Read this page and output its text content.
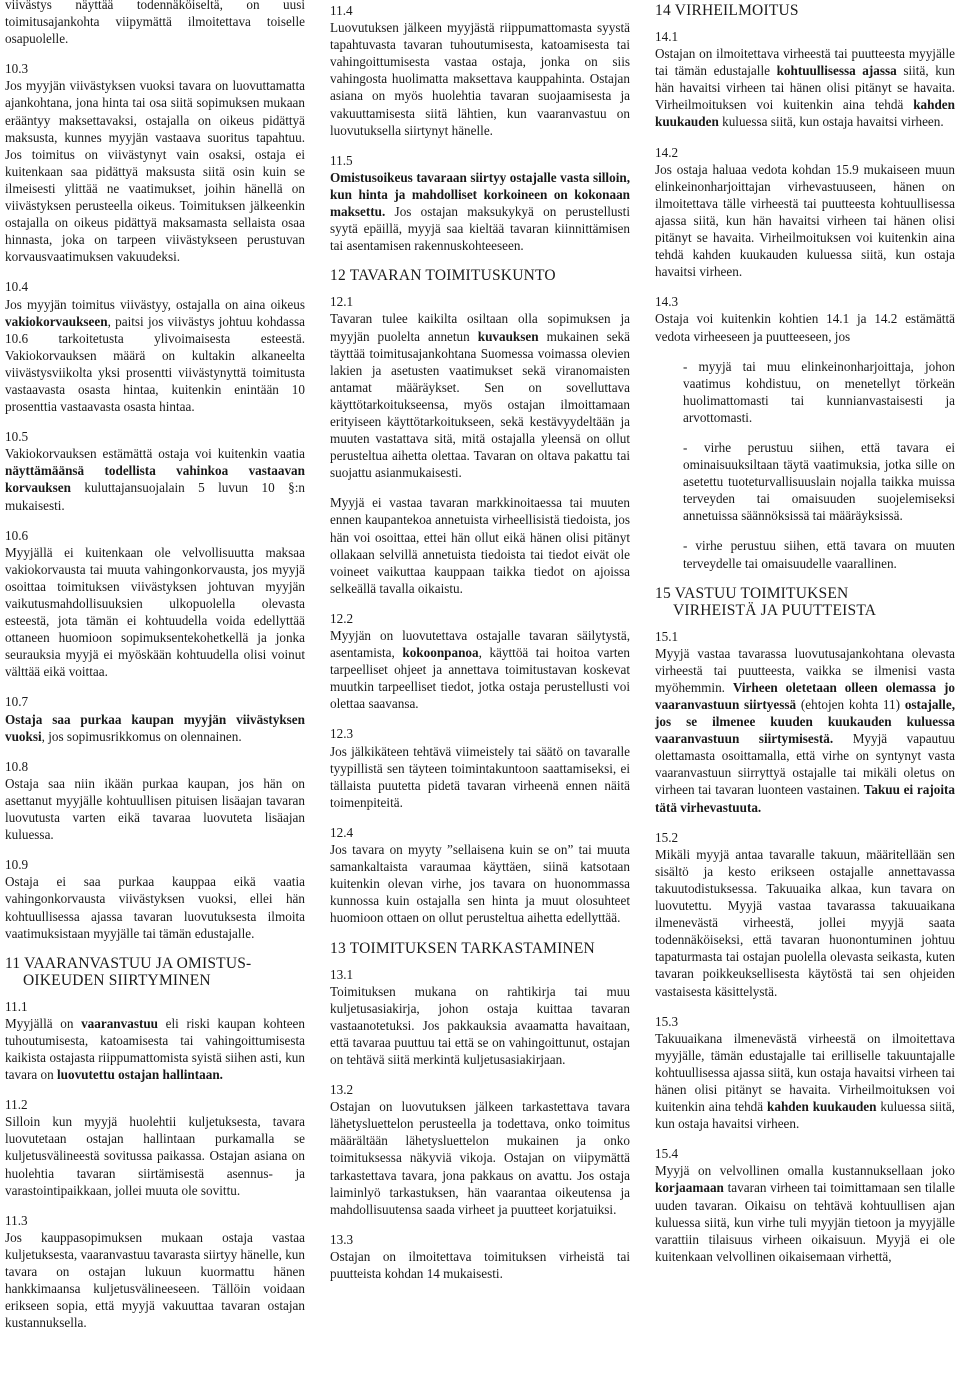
viivästys näyttää todennäköiseltä, on uusi toimitusajankohta viipymättä ilmoitettava toiselle osapuolelle.

10.3
Jos myyjän viivästyksen vuoksi tavara on luovuttamatta ajankohtana, jona hinta tai osa siitä sopimuksen mukaan erääntyy maksettavaksi, ostajalla on oikeus pidättyä maksusta, kunnes myyjän vastaava suoritus tapahtuu. Jos toimitus on viivästynyt vain osaksi, ostaja ei kuitenkaan saa pidättyä maksusta siitä osin kuin se ilmeisesti ylittää ne vaatimukset, joihin hänellä on viivästyksen perusteella oikeus. Toimituksen jälkeenkin ostajalla on oikeus pidättyä maksamasta sellaista osaa hinnasta, joka on tarpeen viivästykseen perustuvan korvausvaatimuksen vakuudeksi.
10.4
Jos myyjän toimitus viivästyy, ostajalla on aina oikeus vakiokorvaukseen, paitsi jos viivästys johtuu kohdassa 10.6 tarkoitetusta ylivoimaisesta esteestä. Vakiokorvauksen määrä on kultakin alkaneelta viivästysviikolta yksi prosentti viivästynyttä toimitusta vastaavasta osasta hintaa, kuitenkin enintään 10 prosenttia vastaavasta osasta hintaa.
10.5
Vakiokorvauksen estämättä ostaja voi kuitenkin vaatia näyttämäänsä todellista vahinkoa vastaavan korvauksen kuluttajansuojalain 5 luvun 10 §:n mukaisesti.
10.6
Myyjällä ei kuitenkaan ole velvollisuutta maksaa vakiokorvausta tai muuta vahingonkorvausta, jos myyjä osoittaa toimituksen viivästyksen johtuvan myyjän vaikutusmahdollisuuksien ulkopuolella olevasta esteestä, jota tämän ei kohtuudella voida edellyttää ottaneen huomioon sopimuksentekohetkellä ja jonka seurauksia myyjä ei myöskään kohtuudella olisi voinut välttää eikä voittaa.
10.7
Ostaja saa purkaa kaupan myyjän viivästyksen vuoksi, jos sopimusrikkomus on olennainen.
10.8
Ostaja saa niin ikään purkaa kaupan, jos hän on asettanut myyjälle kohtuullisen pituisen lisäajan tavaran luovutusta varten eikä tavaraa luovuteta lisäajan kuluessa.
10.9
Ostaja ei saa purkaa kauppaa eikä vaatia vahingonkorvausta viivästyksen vuoksi, ellei hän kohtuullisessa ajassa tavaran luovutuksesta ilmoita vaatimuksistaan myyjälle tai tämän edustajalle.
11 VAARANVASTUU JA OMISTUS-
OIKEUDEN SIIRTYMINEN
11.1
Myyjällä on vaaranvastuu eli riski kaupan kohteen tuhoutumisesta, katoamisesta tai vahingoittumisesta kaikista ostajasta riippumattomista syistä siihen asti, kun tavara on luovutettu ostajan hallintaan.
11.2
Silloin kun myyjä huolehtii kuljetuksesta, tavara luovutetaan ostajan hallintaan purkamalla se kuljetusvälineestä sovitussa paikassa. Ostajan asiana on huolehtia tavaran siirtämisestä asennus- ja varastointipaikkaan, jollei muuta ole sovittu.
11.3
Jos kauppasopimuksen mukaan ostaja vastaa kuljetuksesta, vaaranvastuu tavarasta siirtyy hänelle, kun tavara on ostajan lukuun kuormattu hänen hankkimaansa kuljetusvälineeseen. Tällöin voidaan erikseen sopia, että myyjä vakuuttaa tavaran ostajan kustannuksella.
11.4
Luovutuksen jälkeen myyjästä riippumattomasta syystä tapahtuvasta tavaran tuhoutumisesta, katoamisesta tai vahingoittumisesta vastaa ostaja, jonka on siis vahingosta huolimatta maksettava kauppahinta. Ostajan asiana on myös huolehtia tavaran suojaamisesta ja vakuuttamisesta siitä lähtien, kun vaaranvastuu on luovutuksella siirtynyt hänelle.
11.5
Omistusoikeus tavaraan siirtyy ostajalle vasta silloin, kun hinta ja mahdolliset korkoineen on kokonaan maksettu. Jos ostajan maksukykyä on perustellusti syytä epäillä, myyjä saa kieltää tavaran kiinnittämisen tai asentamisen rakennuskohteeseen.
12 TAVARAN TOIMITUSKUNTO
12.1
Tavaran tulee kaikilta osiltaan olla sopimuksen ja myyjän puolelta annetun kuvauksen mukainen sekä täyttää toimitusajankohtana Suomessa voimassa olevien lakien ja asetusten vaatimukset sekä viranomaisten antamat määräykset. Sen on sovelluttava käyttötarkoitukseensa, myös ostajan ilmoittamaan erityiseen käyttötarkoitukseen, sekä kestävyydeltään ja muuten vastattava sitä, mitä ostajalla yleensä on ollut perusteltua aihetta olettaa. Tavaran on oltava pakattu tai suojattu asianmukaisesti.

Myyjä ei vastaa tavaran markkinoitaessa tai muuten ennen kaupantekoa annetuista virheellisistä tiedoista, jos hän voi osoittaa, ettei hän ollut eikä hänen olisi pitänyt ollakaan selvillä annetuista tiedoista tai tiedot eivät ole voineet vaikuttaa kauppaan taikka tiedot on ajoissa selkeällä tavalla oikaistu.

12.2
Myyjän on luovutettava ostajalle tavaran säilytystä, asentamista, kokoonpanoa, käyttöä tai hoitoa varten tarpeelliset ohjeet ja annettava toimitustavan koskevat muutkin tarpeelliset tiedot, jotka ostaja perustellusti voi olettaa saavansa.
12.3
Jos jälkikäteen tehtävä viimeistely tai säätö on tavaralle tyypillistä sen täyteen toimintakuntoon saattamiseksi, ei tällaista puutetta pidetä tavaran virheenä ennen näitä toimenpiteitä.
12.4
Jos tavara on myyty ”sellaisena kuin se on” tai muuta samankaltaista varaumaa käyttäen, siinä katsotaan kuitenkin olevan virhe, jos tavara on huonommassa kunnossa kuin ostajalla sen hinta ja muut olosuhteet huomioon ottaen on ollut perusteltua aihetta edellyttää.
13 TOIMITUKSEN TARKASTAMINEN
13.1
Toimituksen mukana on rahtikirja tai muu kuljetusasiakirja, johon ostaja kuittaa tavaran vastaanotetuksi. Jos pakkauksia avaamatta havaitaan, että tavaraa puuttuu tai että se on vahingoittunut, ostajan on tehtävä siitä merkintä kuljetusasiakirjaan.
13.2
Ostajan on luovutuksen jälkeen tarkastettava tavara lähetysluettelon perusteella ja todettava, onko toimitus määrältään lähetysluettelon mukainen ja onko toimituksessa näkyviä vikoja. Ostajan on viipymättä tarkastettava tavara, jona pakkaus on avattu. Jos ostaja laiminlyö tarkastuksen, hän vaarantaa oikeutensa ja mahdollisuutensa saada virheet ja puutteet korjatuiksi.
13.3
Ostajan on ilmoitettava toimituksen virheistä tai puutteista kohdan 14 mukaisesti.
14 VIRHEILMOITUS
14.1
Ostajan on ilmoitettava virheestä tai puutteesta myyjälle tai tämän edustajalle kohtuullisessa ajassa siitä, kun hän havaitsi virheen tai hänen olisi pitänyt se havaita. Virheilmoituksen voi kuitenkin aina tehdä kahden kuukauden kuluessa siitä, kun ostaja havaitsi virheen.
14.2
Jos ostaja haluaa vedota kohdan 15.9 mukaiseen muun elinkeinonharjoittajan virhevastuuseen, hänen on ilmoitettava tälle virheestä tai puutteesta kohtuullisessa ajassa siitä, kun hän havaitsi virheen tai hänen olisi pitänyt se havaita. Virheilmoituksen voi kuitenkin aina tehdä kahden kuukauden kuluessa siitä, kun ostaja havaitsi virheen.
14.3
Ostaja voi kuitenkin kohtien 14.1 ja 14.2 estämättä vedota virheeseen ja puutteeseen, jos

- myyjä tai muu elinkeinonharjoittaja, johon vaatimus kohdistuu, on menetellyt törkeän huolimattomasti tai kunnianvastaisesti ja arvottomasti.

- virhe perustuu siihen, että tavara ei ominaisuuksiltaan täytä vaatimuksia, jotka sille on asetettu tuoteturvallisuuslain nojalla taikka muissa terveyden tai omaisuuden suojelemiseksi annetuissa säännöksissä tai määräyksissä.

- virhe perustuu siihen, että tavara on muuten terveydelle tai omaisuudelle vaarallinen.

15 VASTUU TOIMITUKSEN
VIRHEISTÄ JA PUUTTEISTA
15.1
Myyjä vastaa tavarassa luovutusajankohtana olevasta virheestä tai puutteesta, vaikka se ilmenisi vasta myöhemmin. Virheen oletetaan olleen olemassa jo vaaranvastuun siirtyessä (ehtojen kohta 11) ostajalle, jos se ilmenee kuuden kuukauden kuluessa vaaranvastuun siirtymisestä. Myyjä vapautuu olettamasta osoittamalla, että virhe on syntynyt vasta vaaranvastuun siirryttyä ostajalle tai mikäli oletus on virheen tai tavaran luonteen vastainen. Takuu ei rajoita tätä virhevastuuta.
15.2
Mikäli myyjä antaa tavaralle takuun, määritellään sen sisältö ja kesto erikseen ostajalle annettavassa takuutodistuksessa. Takuuaika alkaa, kun tavara on luovutettu. Myyjä vastaa tavarassa takuuaikana ilmenevästä virheestä, jollei myyjä saata todennäköiseksi, että tavaran huonontuminen johtuu tapaturmasta tai ostajan puolella olevasta seikasta, kuten tavaran poikkeuksellisesta käytöstä tai sen ohjeiden vastaisesta käsittelystä.
15.3
Takuuaikana ilmenevästä virheestä on ilmoitettava myyjälle, tämän edustajalle tai erilliselle takuuntajalle kohtuullisessa ajassa siitä, kun ostaja havaitsi virheen tai hänen olisi pitänyt se havaita. Virheilmoituksen voi kuitenkin aina tehdä kahden kuukauden kuluessa siitä, kun ostaja havaitsi virheen.
15.4
Myyjä on velvollinen omalla kustannuksellaan joko korjaamaan tavaran virheen tai toimittamaan sen tilalle uuden tavaran. Oikaisu on tehtävä kohtuullisen ajan kuluessa siitä, kun virhe tuli myyjän tietoon ja myyjälle varattiin tilaisuus virheen oikaisuun. Myyjä ei ole kuitenkaan velvollinen oikaisemaan virhettä,
